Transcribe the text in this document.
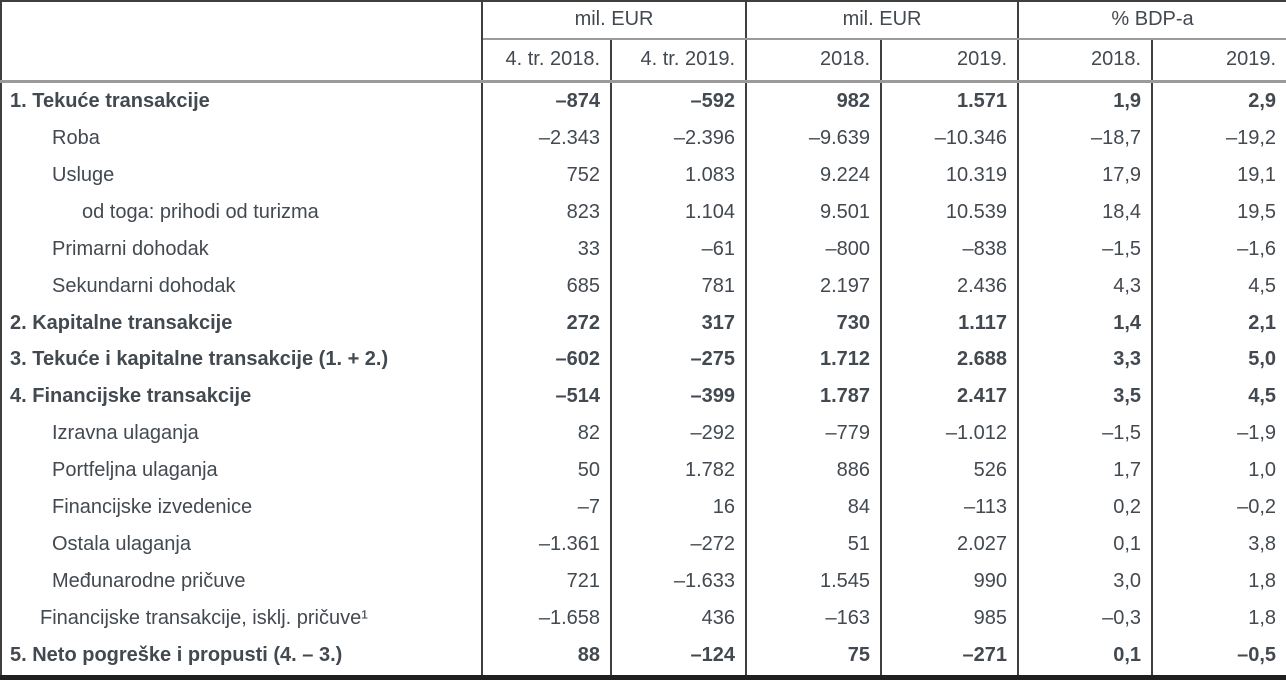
	mil. EUR		mil. EUR		% BDP-a	
	4. tr. 2018.	4. tr. 2019.	2018.	2019.	2018.	2019.
1. Tekuće transakcije	–874	–592	982	1.571	1,9	2,9
Roba	–2.343	–2.396	–9.639	–10.346	–18,7	–19,2
Usluge	752	1.083	9.224	10.319	17,9	19,1
od toga: prihodi od turizma	823	1.104	9.501	10.539	18,4	19,5
Primarni dohodak	33	–61	–800	–838	–1,5	–1,6
Sekundarni dohodak	685	781	2.197	2.436	4,3	4,5
2. Kapitalne transakcije	272	317	730	1.117	1,4	2,1
3. Tekuće i kapitalne transakcije (1. + 2.)	–602	–275	1.712	2.688	3,3	5,0
4. Financijske transakcije	–514	–399	1.787	2.417	3,5	4,5
Izravna ulaganja	82	–292	–779	–1.012	–1,5	–1,9
Portfeljna ulaganja	50	1.782	886	526	1,7	1,0
Financijske izvedenice	–7	16	84	–113	0,2	–0,2
Ostala ulaganja	–1.361	–272	51	2.027	0,1	3,8
Međunarodne pričuve	721	–1.633	1.545	990	3,0	1,8
Financijske transakcije, isklj. pričuve¹	–1.658	436	–163	985	–0,3	1,8
5. Neto pogreške i propusti (4. – 3.)	88	–124	75	–271	0,1	–0,5
